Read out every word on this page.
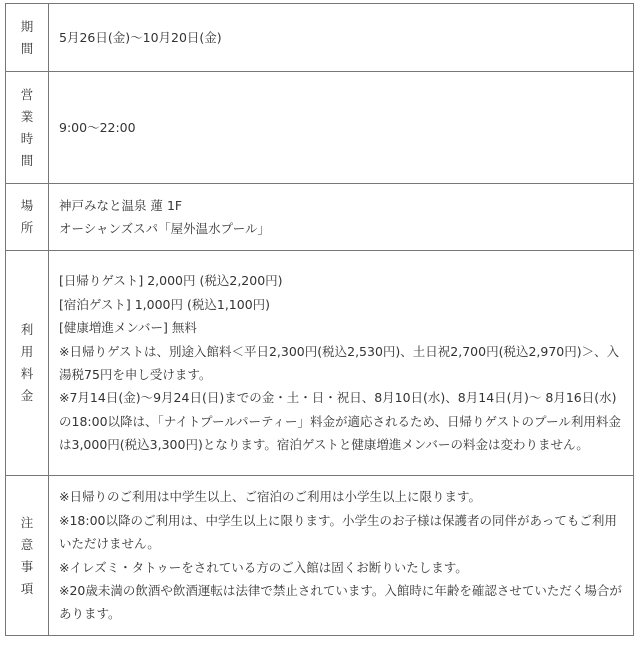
期間	5月26日(金)～10月20日(金)

営業時間	9:00～22:00

場所	神戸みなと温泉 蓮 1F
オーシャンズスパ「屋外温水プール」

利用料金	[日帰りゲスト] 2,000円 (税込2,200円)
[宿泊ゲスト] 1,000円 (税込1,100円)
[健康増進メンバー] 無料
※日帰りゲストは、別途入館料＜平日2,300円(税込2,530円)、土日祝2,700円(税込2,970円)＞、入湯税75円を申し受けます。
※7月14日(金)～9月24日(日)までの金・土・日・祝日、8月10日(水)、8月14日(月)～ 8月16日(水)の18:00以降は、「ナイトプールパーティー」料金が適応されるため、日帰りゲストのプール利用料金は3,000円(税込3,300円)となります。宿泊ゲストと健康増進メンバーの料金は変わりません。

注意事項	※日帰りのご利用は中学生以上、ご宿泊のご利用は小学生以上に限ります。
※18:00以降のご利用は、中学生以上に限ります。小学生のお子様は保護者の同伴があってもご利用いただけません。
※イレズミ・タトゥーをされている方のご入館は固くお断りいたします。
※20歳未満の飲酒や飲酒運転は法律で禁止されています。入館時に年齢を確認させていただく場合があります。
